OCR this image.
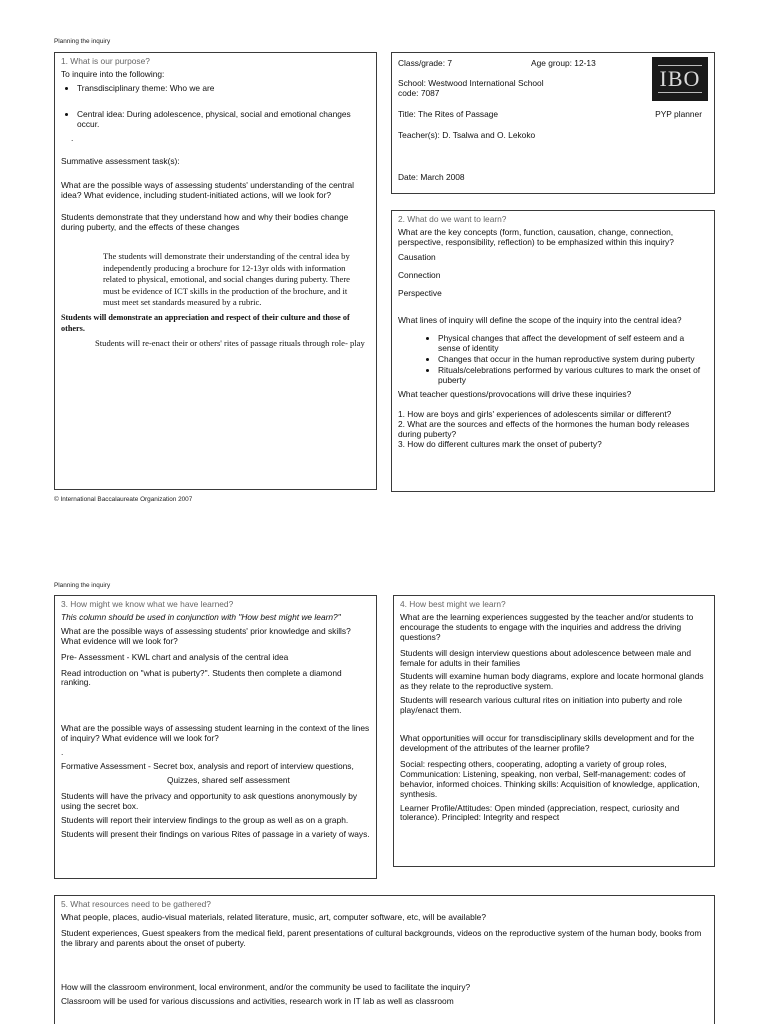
Planning the inquiry
1. What is our purpose?

To inquire into the following:

• Transdisciplinary theme: Who we are
• Central idea: During adolescence, physical, social and emotional changes occur.

.

Summative assessment task(s):

What are the possible ways of assessing students' understanding of the central idea? What evidence, including student-initiated actions, will we look for?

Students demonstrate that they understand how and why their bodies change during puberty, and the effects of these changes

The students will demonstrate their understanding of the central idea by independently producing a brochure for 12-13yr olds with information related to physical, emotional, and social changes during puberty. There must be evidence of ICT skills in the production of the brochure, and it must meet set standards measured by a rubric.

Students will demonstrate an appreciation and respect of their culture and those of others.

Students will re-enact their or others' rites of passage rituals through role- play

IBO
Class/grade: 7	Age group: 12-13
School: Westwood International School
code: 7087
Title: The Rites of Passage	PYP planner
Teacher(s): D. Tsalwa and O. Lekoko
Date: March 2008
2. What do we want to learn?

What are the key concepts (form, function, causation, change, connection, perspective, responsibility, reflection) to be emphasized within this inquiry?

Causation

Connection

Perspective

What lines of inquiry will define the scope of the inquiry into the central idea?

• Physical changes that affect the development of self esteem and a sense of identity
• Changes that occur in the human reproductive system during puberty
• Rituals/celebrations performed by various cultures to mark the onset of puberty

What teacher questions/provocations will drive these inquiries?

1. How are boys and girls' experiences of adolescents similar or different?

2. What are the sources and effects of the hormones the human body releases during puberty?

3. How do different cultures mark the onset of puberty?

© International Baccalaureate Organization 2007
Planning the inquiry
3. How might we know what we have learned?

This column should be used in conjunction with "How best might we learn?"

What are the possible ways of assessing students' prior knowledge and skills? What evidence will we look for?

Pre- Assessment - KWL chart and analysis of the central idea

Read introduction on "what is puberty?". Students then complete a diamond ranking.

What are the possible ways of assessing student learning in the context of the lines of inquiry? What evidence will we look for?

.

Formative Assessment - Secret box, analysis and report of interview questions,

Quizzes, shared self assessment

Students will have the privacy and opportunity to ask questions anonymously by using the secret box.

Students will report their interview findings to the group as well as on a graph.

Students will present their findings on various Rites of passage in a variety of ways.

4. How best might we learn?

What are the learning experiences suggested by the teacher and/or students to encourage the students to engage with the inquiries and address the driving questions?

Students will design interview questions about adolescence between male and female for adults in their families

Students will examine human body diagrams, explore and locate hormonal glands as they relate to the reproductive system.

Students will research various cultural rites on initiation into puberty and role play/enact them.

What opportunities will occur for transdisciplinary skills development and for the development of the attributes of the learner profile?

Social: respecting others, cooperating, adopting a variety of group roles, Communication: Listening, speaking, non verbal, Self-management: codes of behavior, informed choices. Thinking skills: Acquisition of knowledge, application, synthesis.

Learner Profile/Attitudes: Open minded (appreciation, respect, curiosity and tolerance). Principled: Integrity and respect

5. What resources need to be gathered?

What people, places, audio-visual materials, related literature, music, art, computer software, etc, will be available?

Student experiences, Guest speakers from the medical field, parent presentations of cultural backgrounds, videos on the reproductive system of the human body, books from the library and parents about the onset of puberty.

How will the classroom environment, local environment, and/or the community be used to facilitate the inquiry?

Classroom will be used for various discussions and activities, research work in IT lab as well as classroom
